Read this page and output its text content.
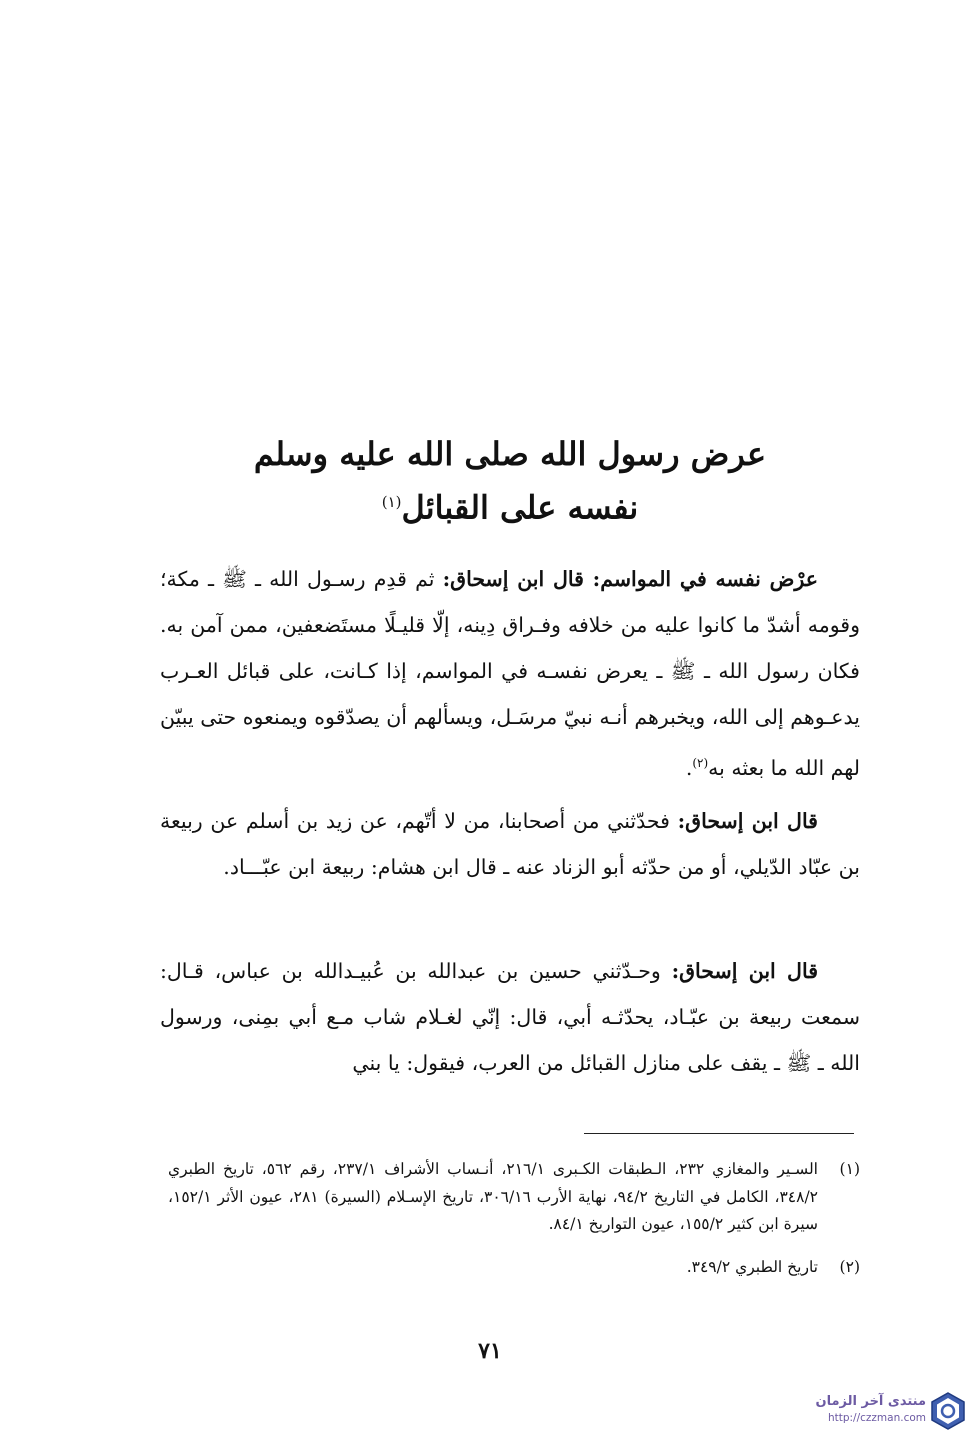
عرض رسول الله صلى الله عليه وسلم
نفسه على القبائل$^{(١)}$
عرْض نفسه في المواسم: قال ابن إسحاق: ثم قدِم رسـول الله ـ ﷺ ـ مكة؛ وقومه أشدّ ما كانوا عليه من خلافه وفـراق دِينه، إلّا قليـلًا مستَضعفين، ممن آمن به. فكان رسول الله ـ ﷺ ـ يعرض نفسـه في المواسم، إذا كـانت، على قبائل العـرب يدعـوهم إلى الله، ويخبرهم أنـه نبيّ مرسَـل، ويسألهم أن يصدّقوه ويمنعوه حتى يبيّن لهم الله ما بعثه به$^{(٢)}$.
قال ابن إسحاق: فحدّثني من أصحابنا، من لا أتّهم، عن زيد بن أسلم عن ربيعة بن عبّاد الدّيلي، أو من حدّثه أبو الزناد عنه ـ قال ابن هشام: ربيعة ابن عبّـــاد.
قال ابن إسحاق: وحـدّثني حسين بن عبدالله بن عُبيـدالله بن عباس، قـال: سمعت ربيعة بن عبّـاد، يحدّثـه أبي، قال: إنّي لغـلام شاب مـع أبي بمِنى، ورسول الله ـ ﷺ ـ يقف على منازل القبائل من العرب، فيقول: يا بني
(١)السـير والمغازي ٢٣٢، الـطبقات الكـبرى ٢١٦/١، أنـساب الأشراف ٢٣٧/١، رقم ٥٦٢، تاريخ الطبري ٣٤٨/٢، الكامل في التاريخ ٩٤/٢، نهاية الأرب ٣٠٦/١٦، تاريخ الإسـلام (السيرة) ٢٨١، عيون الأثر ١٥٢/١، سيرة ابن كثير ١٥٥/٢، عيون التواريخ ٨٤/١.
(٢)تاريخ الطبري ٣٤٩/٢.
٧١
منتدى آخر الزمان
http://czzman.com
